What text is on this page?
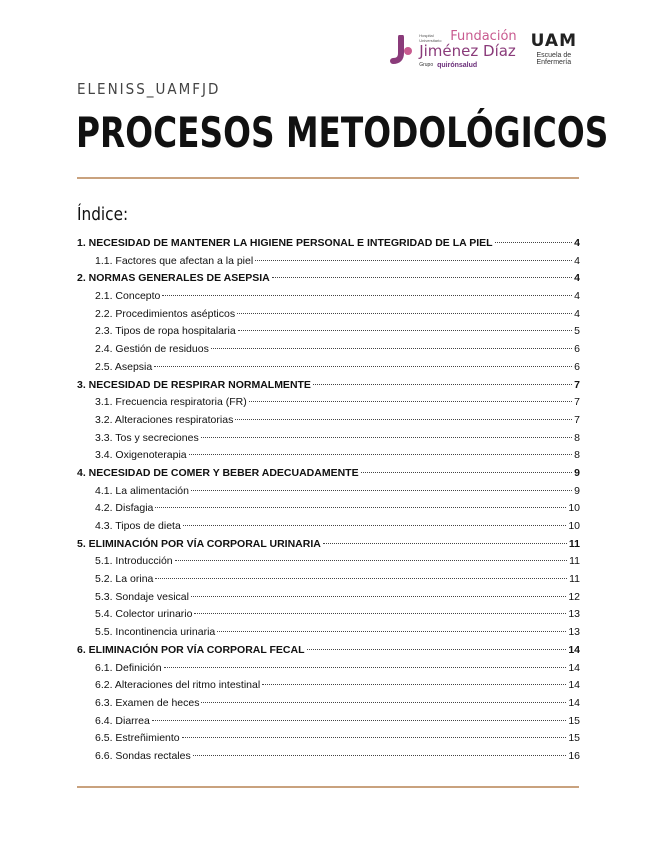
Hospital Universitario Fundación
Jiménez Díaz
Grupo quirónsalud
UAM
Escuela de
Enfermería
ELENISS_UAMFJD
PROCESOS METODOLÓGICOS
Índice:
1. NECESIDAD DE MANTENER LA HIGIENE PERSONAL E INTEGRIDAD DE LA PIEL	4
1.1. Factores que afectan a la piel	4
2. NORMAS GENERALES DE ASEPSIA	4
2.1. Concepto	4
2.2. Procedimientos asépticos	4
2.3. Tipos de ropa hospitalaria	5
2.4. Gestión de residuos	6
2.5. Asepsia	6
3. NECESIDAD DE RESPIRAR NORMALMENTE	7
3.1. Frecuencia respiratoria (FR)	7
3.2. Alteraciones respiratorias	7
3.3. Tos y secreciones	8
3.4. Oxigenoterapia	8
4. NECESIDAD DE COMER Y BEBER ADECUADAMENTE	9
4.1. La alimentación	9
4.2. Disfagia	10
4.3. Tipos de dieta	10
5. ELIMINACIÓN POR VÍA CORPORAL URINARIA	11
5.1. Introducción	11
5.2. La orina	11
5.3. Sondaje vesical	12
5.4. Colector urinario	13
5.5. Incontinencia urinaria	13
6. ELIMINACIÓN POR VÍA CORPORAL FECAL	14
6.1. Definición	14
6.2. Alteraciones del ritmo intestinal	14
6.3. Examen de heces	14
6.4. Diarrea	15
6.5. Estreñimiento	15
6.6. Sondas rectales	16
